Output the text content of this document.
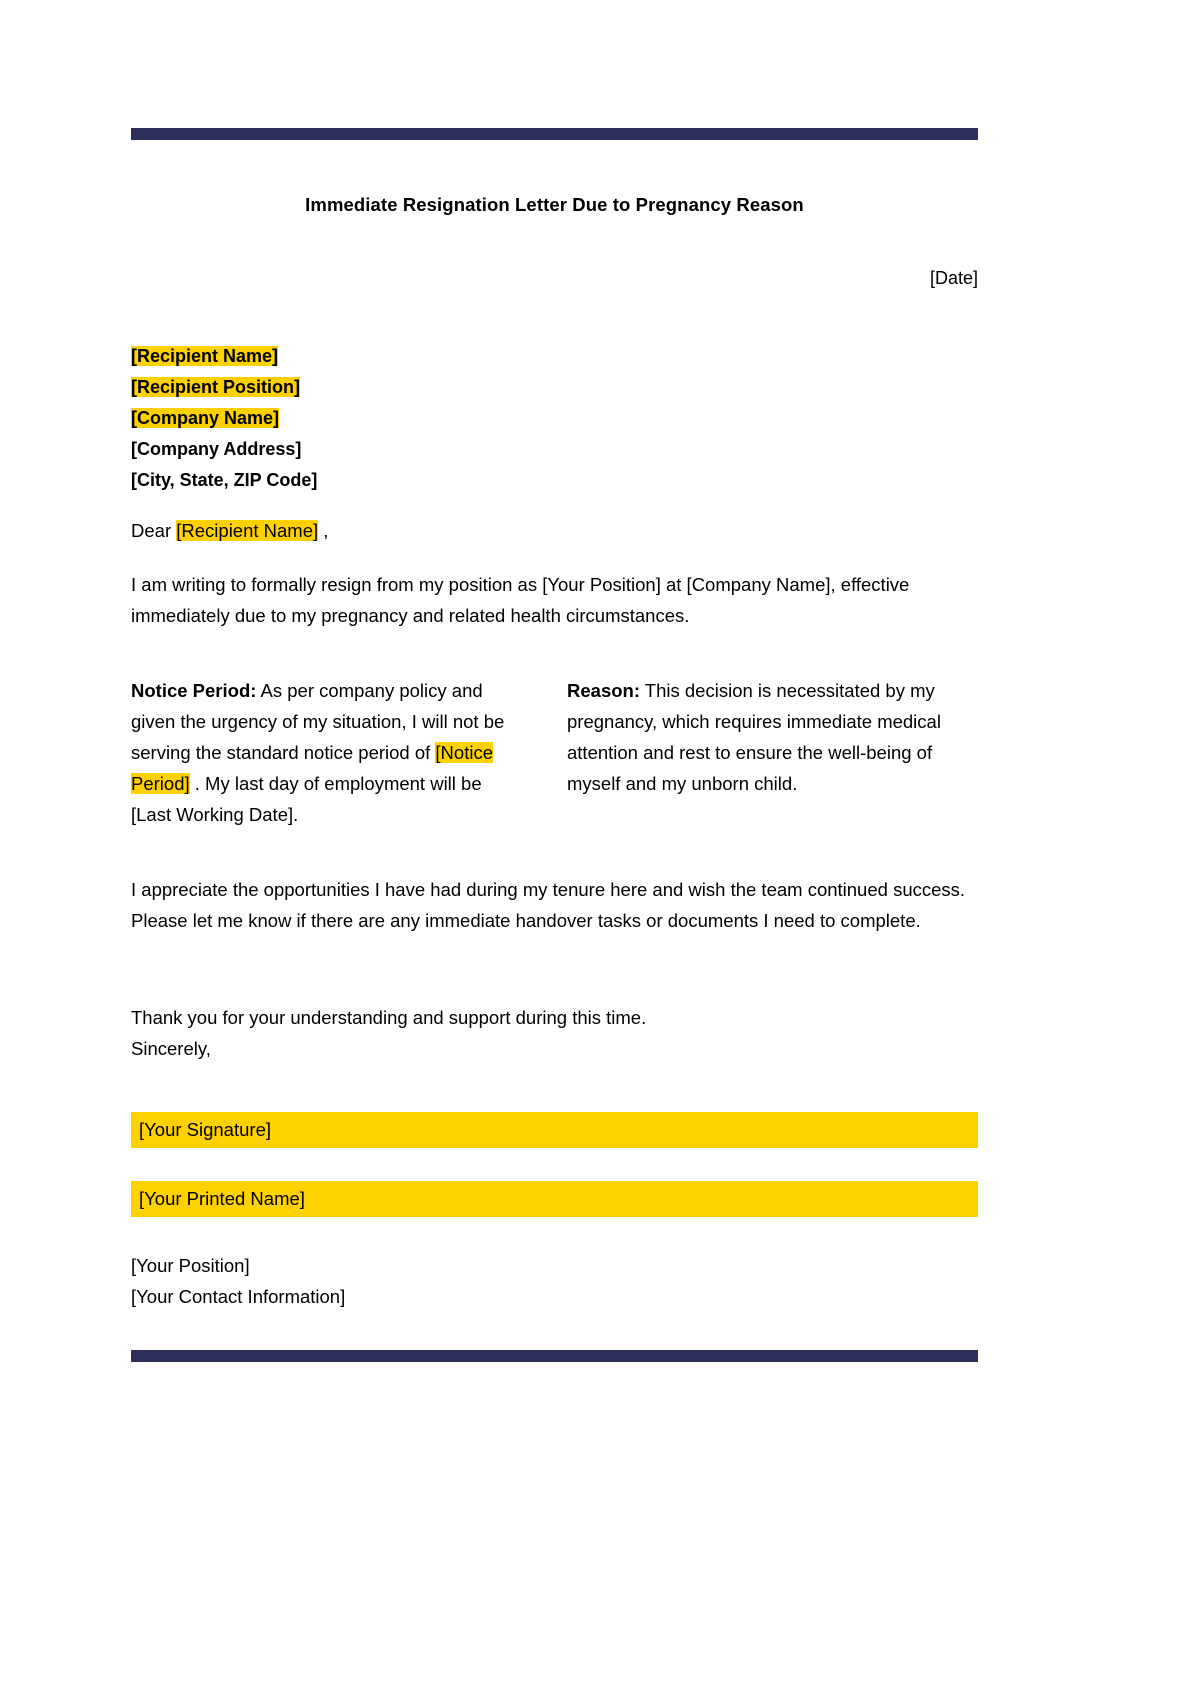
Immediate Resignation Letter Due to Pregnancy Reason
[Date]
[Recipient Name]
[Recipient Position]
[Company Name]
[Company Address]
[City, State, ZIP Code]
Dear [Recipient Name] ,
I am writing to formally resign from my position as [Your Position] at [Company Name], effective immediately due to my pregnancy and related health circumstances.
Notice Period: As per company policy and given the urgency of my situation, I will not be serving the standard notice period of [Notice Period] . My last day of employment will be [Last Working Date].
Reason: This decision is necessitated by my pregnancy, which requires immediate medical attention and rest to ensure the well-being of myself and my unborn child.
I appreciate the opportunities I have had during my tenure here and wish the team continued success. Please let me know if there are any immediate handover tasks or documents I need to complete.
Thank you for your understanding and support during this time.
Sincerely,
[Your Signature]
[Your Printed Name]
[Your Position]
[Your Contact Information]
